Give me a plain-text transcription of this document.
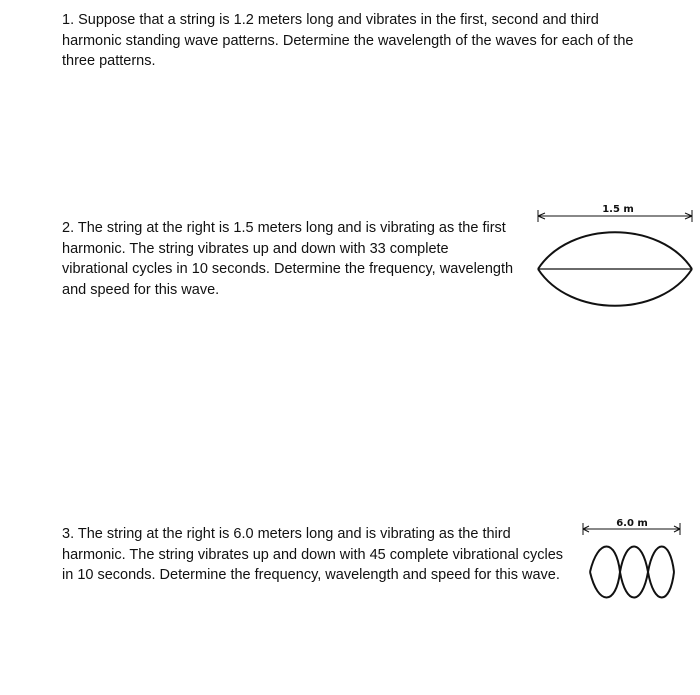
1. Suppose that a string is 1.2 meters long and vibrates in the first, second and third harmonic standing wave patterns. Determine the wavelength of the waves for each of the three patterns.
2. The string at the right is 1.5 meters long and is vibrating as the first harmonic. The string vibrates up and down with 33 complete vibrational cycles in 10 seconds. Determine the frequency, wavelength and speed for this wave.
1.5 m
3. The string at the right is 6.0 meters long and is vibrating as the third harmonic. The string vibrates up and down with 45 complete vibrational cycles in 10 seconds. Determine the frequency, wavelength and speed for this wave.
6.0 m
